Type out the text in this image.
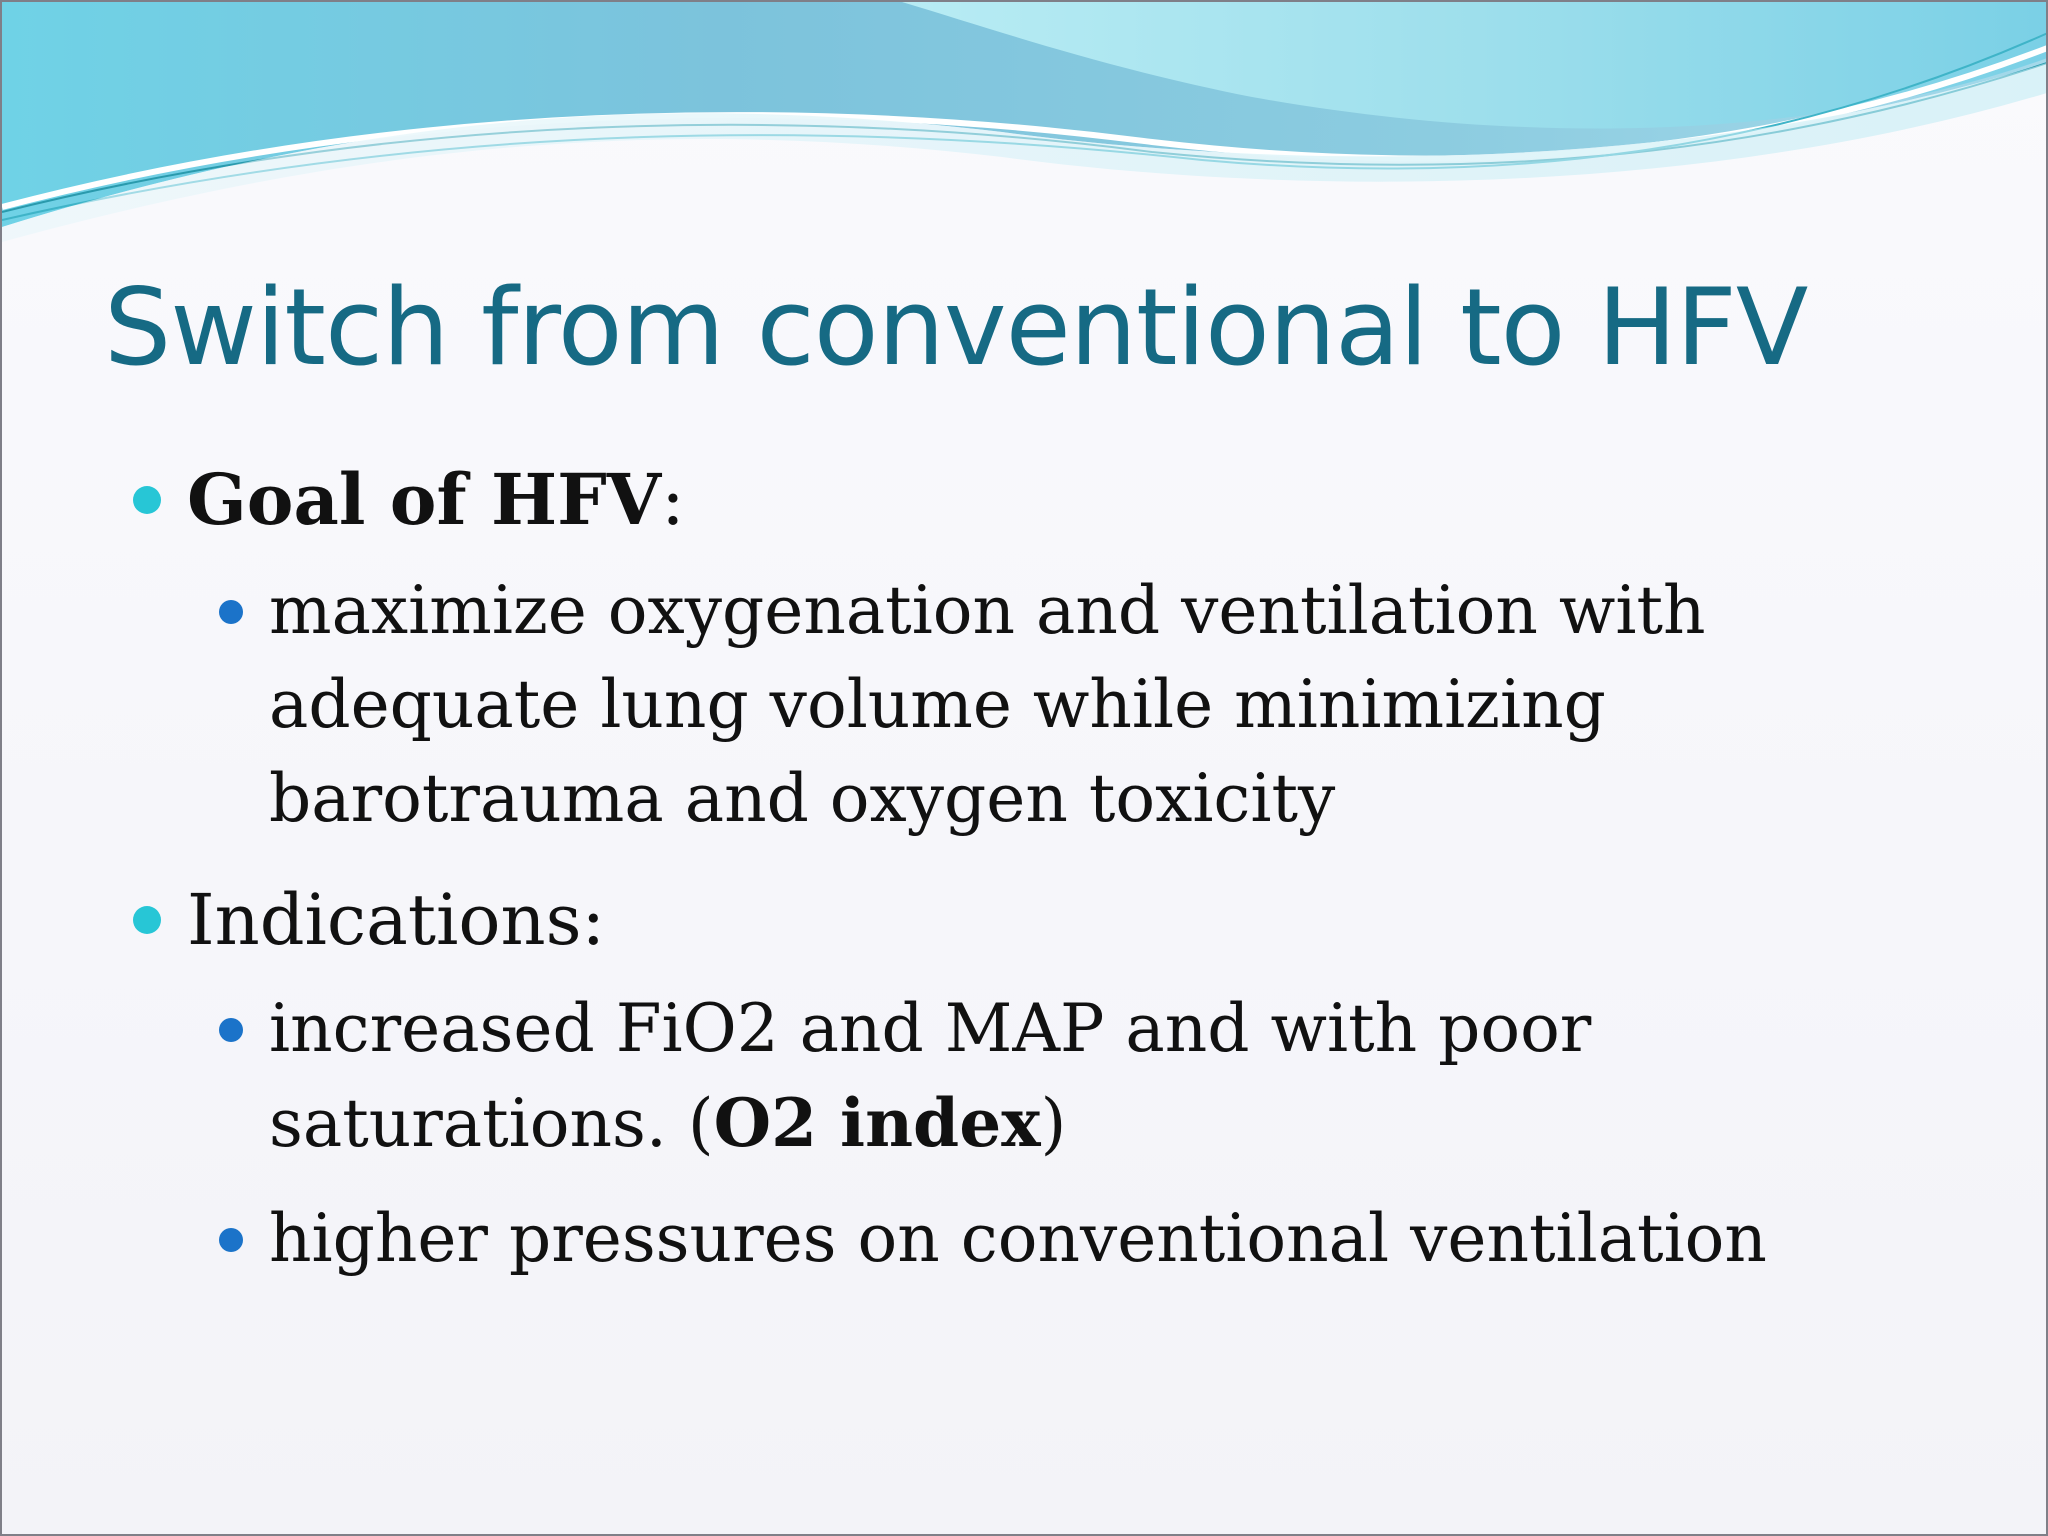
Switch from conventional to HFV
Goal of HFV:
maximize oxygenation and ventilation with
adequate lung volume while minimizing
barotrauma and oxygen toxicity
Indications:
increased FiO2 and MAP and with poor
saturations. (O2 index)
higher pressures on conventional ventilation
